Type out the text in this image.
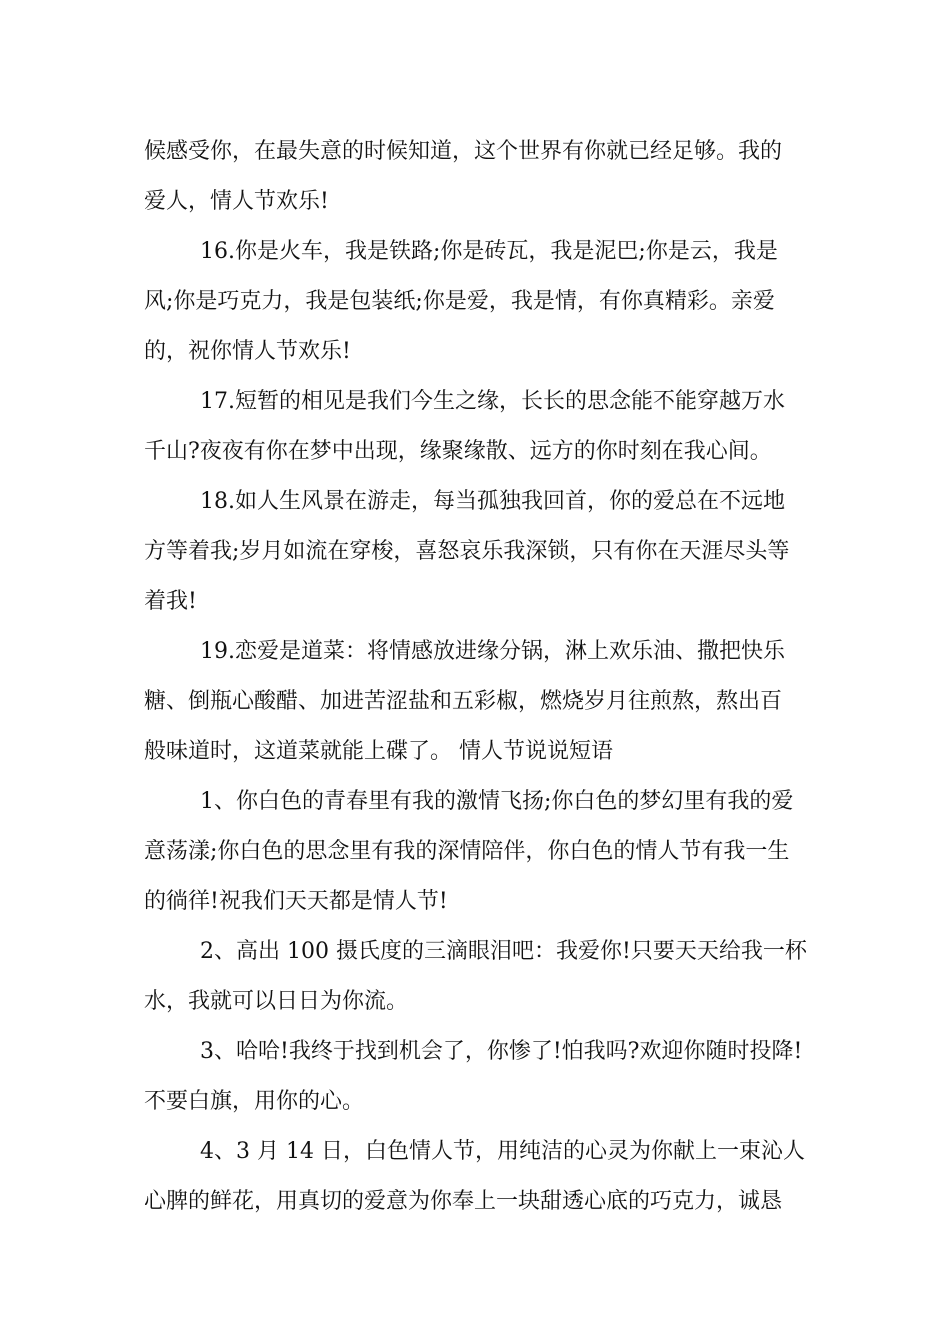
候感受你，在最失意的时候知道，这个世界有你就已经足够。我的
爱人，情人节欢乐!
16.你是火车，我是铁路;你是砖瓦，我是泥巴;你是云，我是
风;你是巧克力，我是包装纸;你是爱，我是情，有你真精彩。亲爱
的，祝你情人节欢乐!
17.短暂的相见是我们今生之缘，长长的思念能不能穿越万水
千山?夜夜有你在梦中出现，缘聚缘散、远方的你时刻在我心间。
18.如人生风景在游走，每当孤独我回首，你的爱总在不远地
方等着我;岁月如流在穿梭，喜怒哀乐我深锁，只有你在天涯尽头等
着我!
19.恋爱是道菜：将情感放进缘分锅，淋上欢乐油、撒把快乐
糖、倒瓶心酸醋、加进苦涩盐和五彩椒，燃烧岁月往煎熬，熬出百
般味道时，这道菜就能上碟了。 情人节说说短语
1、你白色的青春里有我的激情飞扬;你白色的梦幻里有我的爱
意荡漾;你白色的思念里有我的深情陪伴，你白色的情人节有我一生
的徜徉!祝我们天天都是情人节!
2、高出 100 摄氏度的三滴眼泪吧：我爱你!只要天天给我一杯
水，我就可以日日为你流。
3、哈哈!我终于找到机会了，你惨了!怕我吗?欢迎你随时投降!
不要白旗，用你的心。
4、3 月 14 日，白色情人节，用纯洁的心灵为你献上一束沁人
心脾的鲜花，用真切的爱意为你奉上一块甜透心底的巧克力，诚恳
